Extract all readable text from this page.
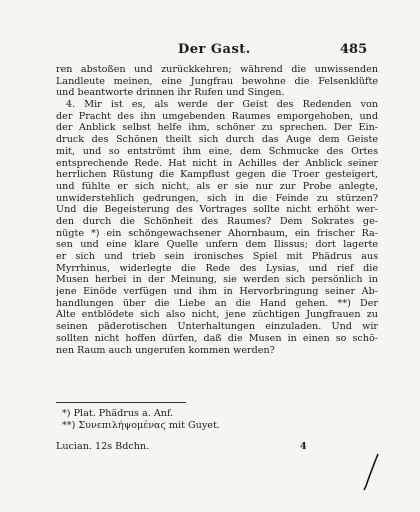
Der Gast.	485
ren abstoßen und zurückkehren; während die unwissenden
Landleute meinen, eine Jungfrau bewohne die Felsenklüfte
und beantworte drinnen ihr Rufen und Singen.
4. Mir ist es, als werde der Geist des Redenden von
der Pracht des ihn umgebenden Raumes emporgehoben, und
der Anblick selbst helfe ihm, schöner zu sprechen. Der Ein-
druck des Schönen theilt sich durch das Auge dem Geiste
mit, und so entströmt ihm eine, dem Schmucke des Ortes
entsprechende Rede. Hat nicht in Achilles der Anblick seiner
herrlichen Rüstung die Kampflust gegen die Troer gesteigert,
und fühlte er sich nicht, als er sie nur zur Probe anlegte,
unwiderstehlich gedrungen, sich in die Feinde zu stürzen?
Und die Begeisterung des Vortrages sollte nicht erhöht wer-
den durch die Schönheit des Raumes? Dem Sokrates ge-
nügte *) ein schöngewachsener Ahornbaum, ein frischer Ra-
sen und eine klare Quelle unfern dem Ilissus; dort lagerte
er sich und trieb sein ironisches Spiel mit Phädrus aus
Myrrhinus, widerlegte die Rede des Lysias, und rief die
Musen herbei in der Meinung, sie werden sich persönlich in
jene Einöde verfügen und ihm in Hervorbringung seiner Ab-
handlungen über die Liebe an die Hand gehen. **) Der
Alte entblödete sich also nicht, jene züchtigen Jungfrauen zu
seinen päderotischen Unterhaltungen einzuladen. Und wir
sollten nicht hoffen dürfen, daß die Musen in einen so schö-
nen Raum auch ungerufen kommen werden?
*) Plat. Phädrus a. Anf.
**) Συνεπιλήψομέναϛ mit Guyet.
Lucian. 12s Bdchn.	4
